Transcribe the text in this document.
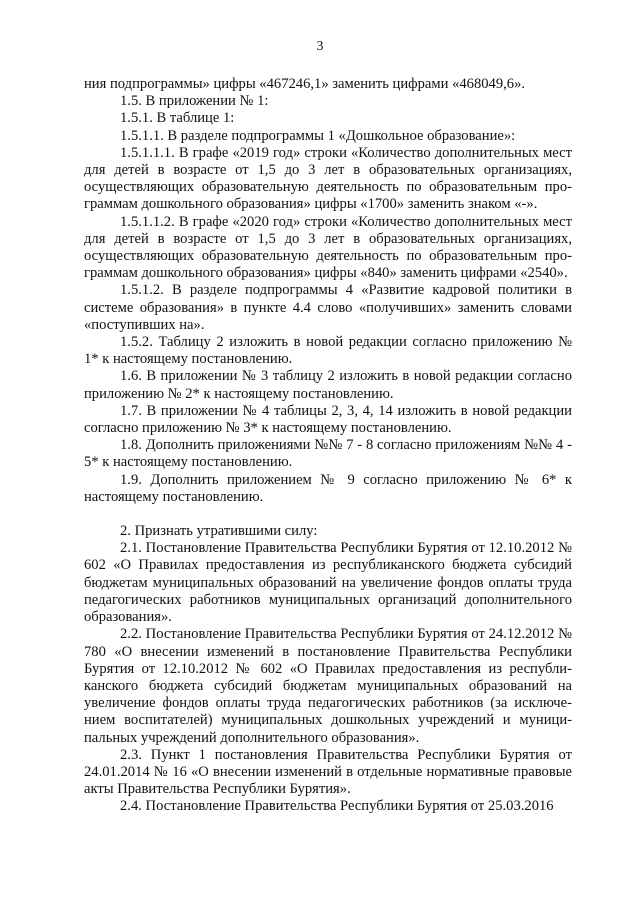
3

ния подпрограммы» цифры «467246,1» заменить цифрами «468049,6».

1.5. В приложении № 1:

1.5.1. В таблице 1:

1.5.1.1. В разделе подпрограммы 1 «Дошкольное образование»:

1.5.1.1.1. В графе «2019 год» строки «Количество дополнительных мест для детей в возрасте от 1,5 до 3 лет в образовательных организациях, осуществляющих образовательную деятельность по образовательным программам дошкольного образования» цифры «1700» заменить знаком «-».

1.5.1.1.2. В графе «2020 год» строки «Количество дополнительных мест для детей в возрасте от 1,5 до 3 лет в образовательных организациях, осуществляющих образовательную деятельность по образовательным программам дошкольного образования» цифры «840» заменить цифрами «2540».

1.5.1.2. В разделе подпрограммы 4 «Развитие кадровой политики в системе образования» в пункте 4.4 слово «получивших» заменить словами «поступивших на».

1.5.2. Таблицу 2 изложить в новой редакции согласно приложению № 1* к настоящему постановлению.

1.6. В приложении № 3 таблицу 2 изложить в новой редакции согласно приложению № 2* к настоящему постановлению.

1.7. В приложении № 4 таблицы 2, 3, 4, 14 изложить в новой редакции согласно приложению № 3* к настоящему постановлению.

1.8. Дополнить приложениями №№ 7 - 8 согласно приложениям №№ 4 - 5* к настоящему постановлению.

1.9. Дополнить приложением № 9 согласно приложению № 6* к настоящему постановлению.

2. Признать утратившими силу:

2.1. Постановление Правительства Республики Бурятия от 12.10.2012 № 602 «О Правилах предоставления из республиканского бюджета субсидий бюджетам муниципальных образований на увеличение фондов оплаты труда педагогических работников муниципальных организаций дополнительного образования».

2.2. Постановление Правительства Республики Бурятия от 24.12.2012 № 780 «О внесении изменений в постановление Правительства Республики Бурятия от 12.10.2012 № 602 «О Правилах предоставления из республиканского бюджета субсидий бюджетам муниципальных образований на увеличение фондов оплаты труда педагогических работников (за исключением воспитателей) муниципальных дошкольных учреждений и муниципальных учреждений дополнительного образования».

2.3. Пункт 1 постановления Правительства Республики Бурятия от 24.01.2014 № 16 «О внесении изменений в отдельные нормативные правовые акты Правительства Республики Бурятия».

2.4. Постановление Правительства Республики Бурятия от 25.03.2016
